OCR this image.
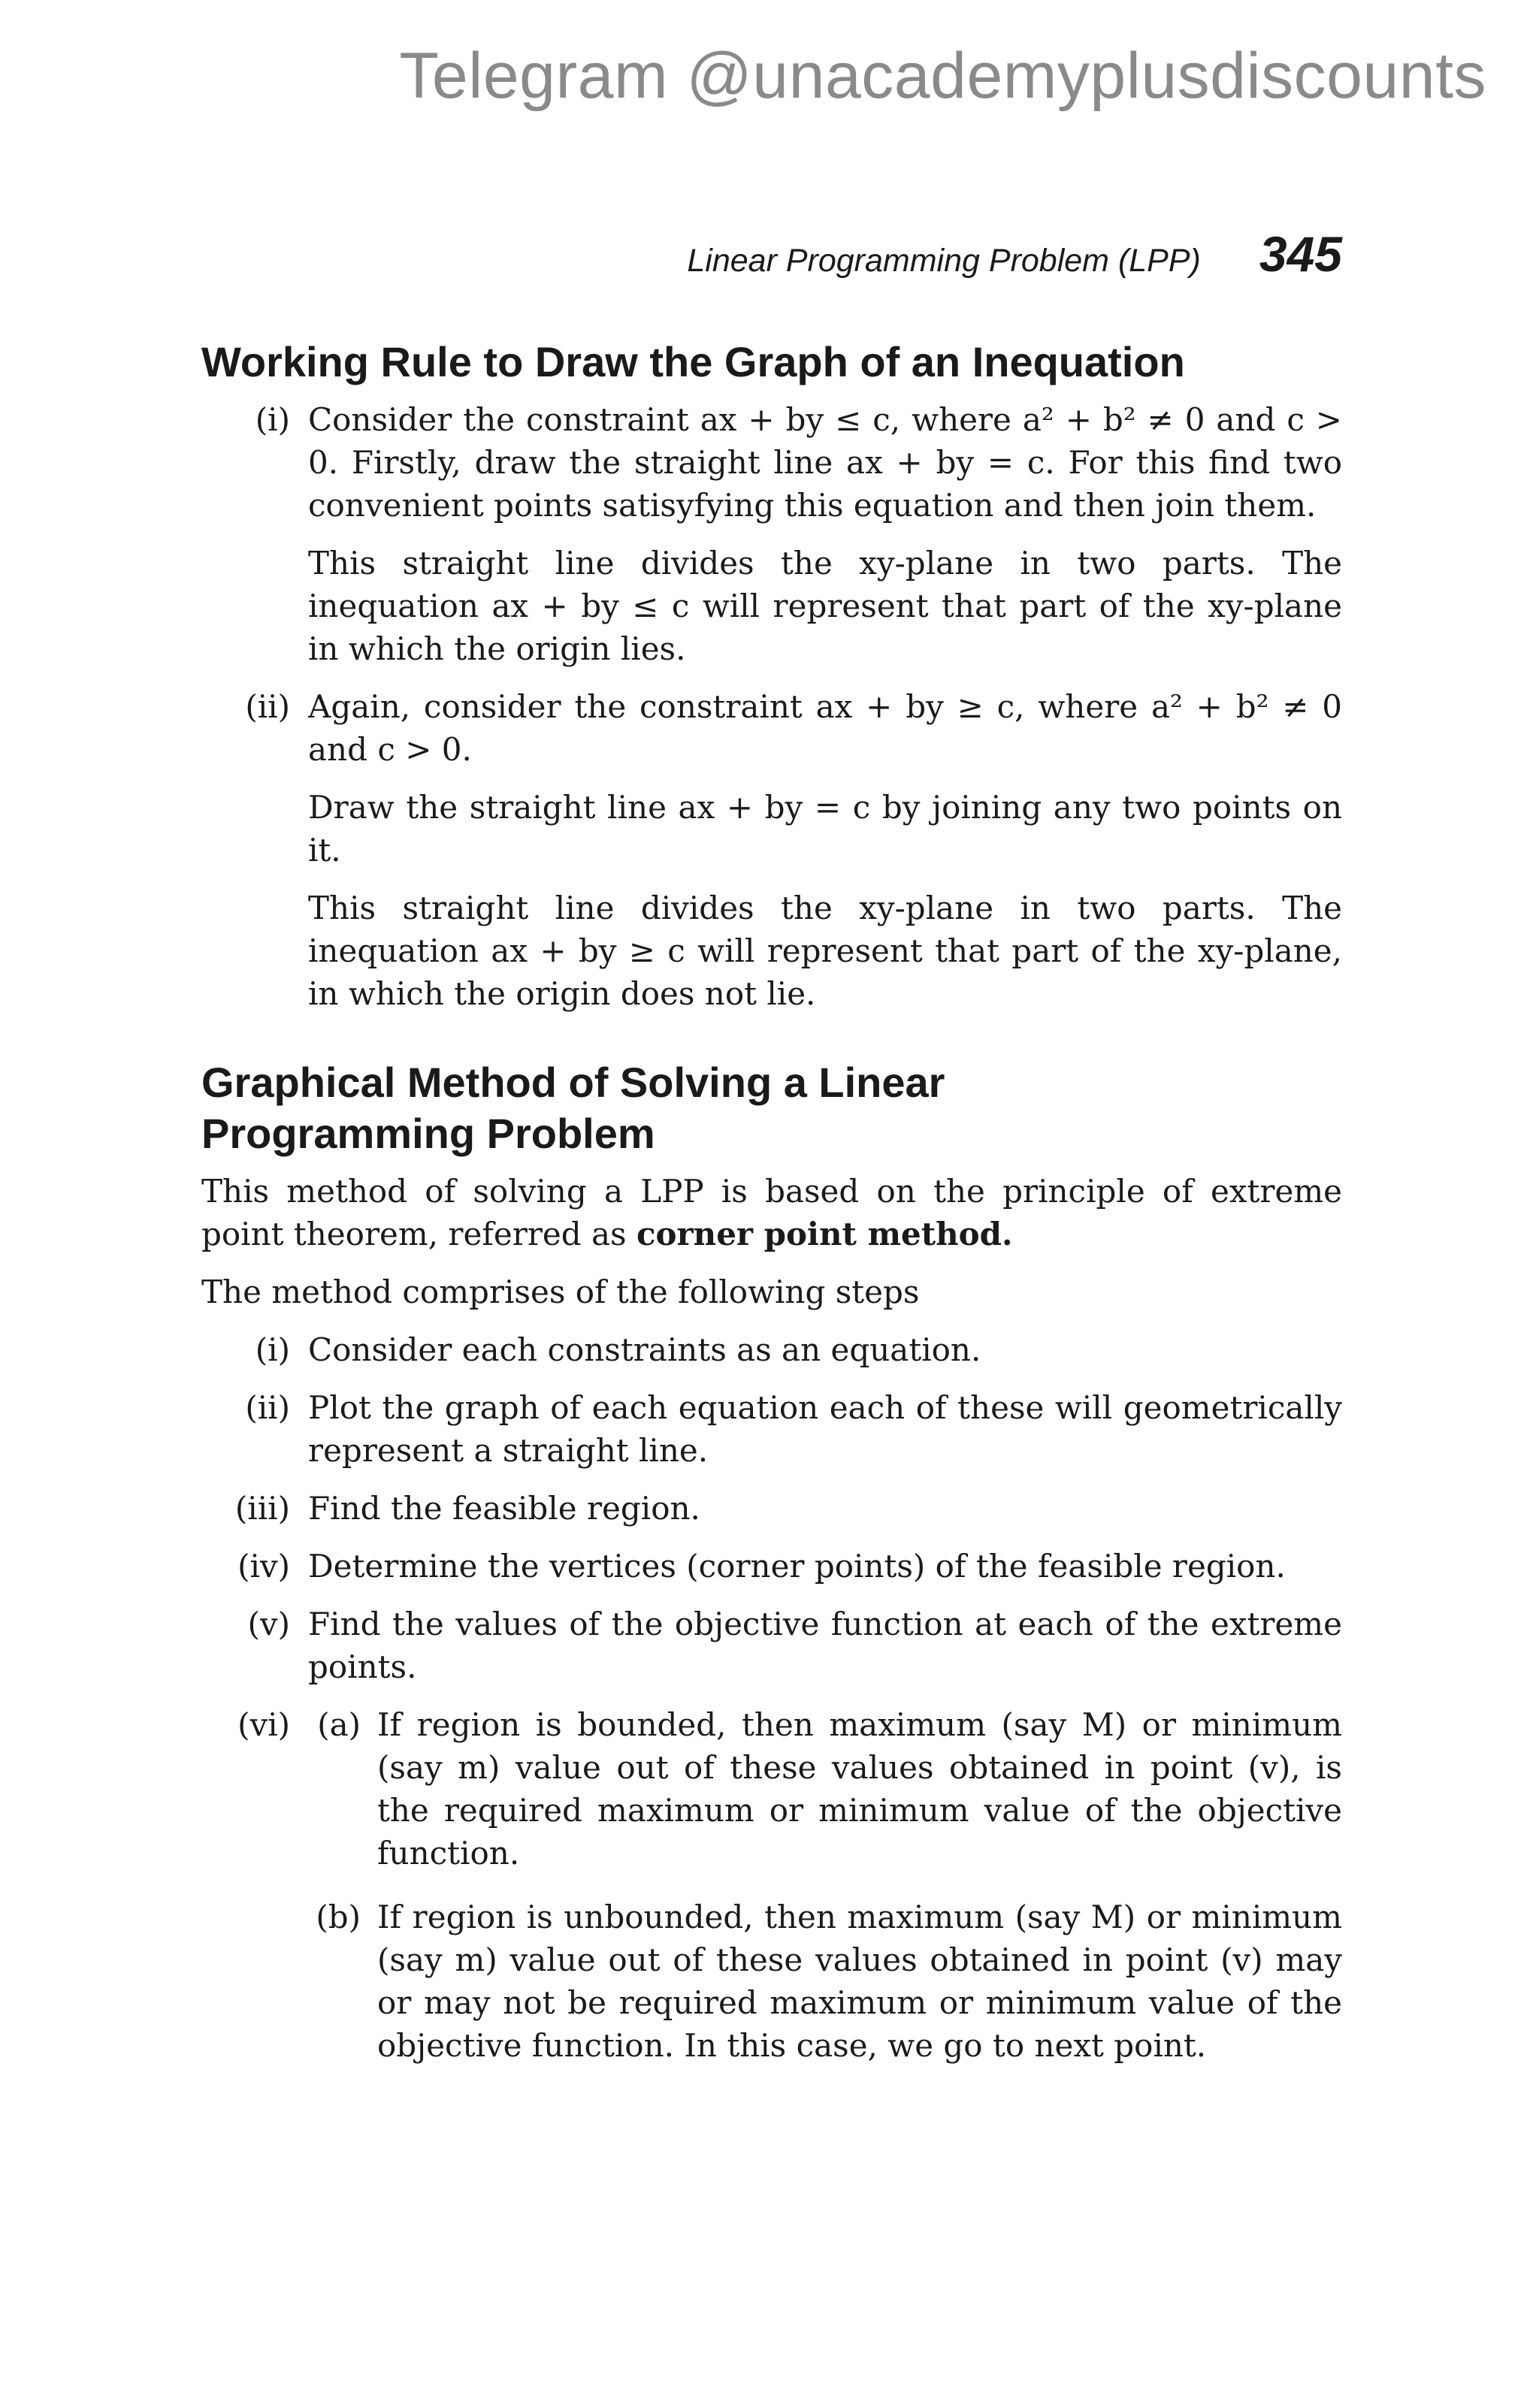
Telegram @unacademyplusdiscounts
Linear Programming Problem (LPP) 345
Working Rule to Draw the Graph of an Inequation
(i) Consider the constraint ax + by ≤ c, where a² + b² ≠ 0 and c > 0. Firstly, draw the straight line ax + by = c. For this find two convenient points satisyfying this equation and then join them.

This straight line divides the xy-plane in two parts. The inequation ax + by ≤ c will represent that part of the xy-plane in which the origin lies.

(ii) Again, consider the constraint ax + by ≥ c, where a² + b² ≠ 0 and c > 0.

Draw the straight line ax + by = c by joining any two points on it.

This straight line divides the xy-plane in two parts. The inequation ax + by ≥ c will represent that part of the xy-plane, in which the origin does not lie.

Graphical Method of Solving a Linear
Programming Problem

This method of solving a LPP is based on the principle of extreme point theorem, referred as corner point method.

The method comprises of the following steps

(i) Consider each constraints as an equation.

(ii) Plot the graph of each equation each of these will geometrically represent a straight line.

(iii) Find the feasible region.

(iv) Determine the vertices (corner points) of the feasible region.

(v) Find the values of the objective function at each of the extreme points.

(vi) (a) If region is bounded, then maximum (say M) or minimum (say m) value out of these values obtained in point (v), is the required maximum or minimum value of the objective function.

(b) If region is unbounded, then maximum (say M) or minimum (say m) value out of these values obtained in point (v) may or may not be required maximum or minimum value of the objective function. In this case, we go to next point.
